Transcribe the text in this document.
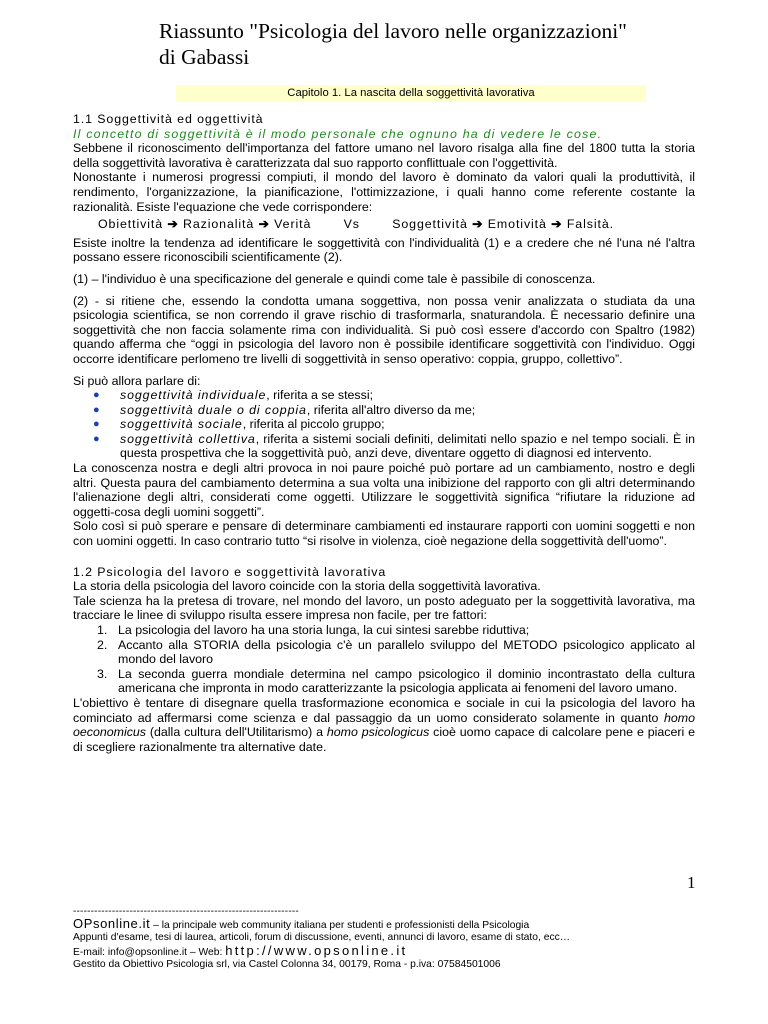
Riassunto "Psicologia del lavoro nelle organizzazioni"
di Gabassi
Capitolo 1. La nascita della soggettività lavorativa

1.1 Soggettività ed oggettività

Il concetto di soggettività è il modo personale che ognuno ha di vedere le cose.

Sebbene il riconoscimento dell'importanza del fattore umano nel lavoro risalga alla fine del 1800 tutta la storia della soggettività lavorativa è caratterizzata dal suo rapporto conflittuale con l'oggettività.

Nonostante i numerosi progressi compiuti, il mondo del lavoro è dominato da valori quali la produttività, il rendimento, l'organizzazione, la pianificazione, l'ottimizzazione, i quali hanno come referente costante la razionalità. Esiste l'equazione che vede corrispondere:

Obiettività ➔ Razionalità ➔ Verità	Vs	Soggettività ➔ Emotività ➔ Falsità.

Esiste inoltre la tendenza ad identificare le soggettività con l'individualità (1) e a credere che né l'una né l'altra possano essere riconoscibili scientificamente (2).

(1) – l'individuo è una specificazione del generale e quindi come tale è passibile di conoscenza.

(2) - si ritiene che, essendo la condotta umana soggettiva, non possa venir analizzata o studiata da una psicologia scientifica, se non correndo il grave rischio di trasformarla, snaturandola. È necessario definire una soggettività che non faccia solamente rima con individualità. Si può così essere d'accordo con Spaltro (1982) quando afferma che “oggi in psicologia del lavoro non è possibile identificare soggettività con l'individuo. Oggi occorre identificare perlomeno tre livelli di soggettività in senso operativo: coppia, gruppo, collettivo”.

Si può allora parlare di:

● soggettività individuale, riferita a se stessi;
● soggettività duale o di coppia, riferita all'altro diverso da me;
● soggettività sociale, riferita al piccolo gruppo;
● soggettività collettiva, riferita a sistemi sociali definiti, delimitati nello spazio e nel tempo sociali. È in questa prospettiva che la soggettività può, anzi deve, diventare oggetto di diagnosi ed intervento.

La conoscenza nostra e degli altri provoca in noi paure poiché può portare ad un cambiamento, nostro e degli altri. Questa paura del cambiamento determina a sua volta una inibizione del rapporto con gli altri determinando l'alienazione degli altri, considerati come oggetti. Utilizzare le soggettività significa “rifiutare la riduzione ad oggetti-cosa degli uomini soggetti”.

Solo così si può sperare e pensare di determinare cambiamenti ed instaurare rapporti con uomini soggetti e non con uomini oggetti. In caso contrario tutto “si risolve in violenza, cioè negazione della soggettività dell'uomo”.

1.2 Psicologia del lavoro e soggettività lavorativa

La storia della psicologia del lavoro coincide con la storia della soggettività lavorativa.

Tale scienza ha la pretesa di trovare, nel mondo del lavoro, un posto adeguato per la soggettività lavorativa, ma tracciare le linee di sviluppo risulta essere impresa non facile, per tre fattori:

1. La psicologia del lavoro ha una storia lunga, la cui sintesi sarebbe riduttiva;
2. Accanto alla STORIA della psicologia c'è un parallelo sviluppo del METODO psicologico applicato al mondo del lavoro
3. La seconda guerra mondiale determina nel campo psicologico il dominio incontrastato della cultura americana che impronta in modo caratterizzante la psicologia applicata ai fenomeni del lavoro umano.

L'obiettivo è tentare di disegnare quella trasformazione economica e sociale in cui la psicologia del lavoro ha cominciato ad affermarsi come scienza e dal passaggio da un uomo considerato solamente in quanto homo oeconomicus (dalla cultura dell'Utilitarismo) a homo psicologicus cioè uomo capace di calcolare pene e piaceri e di scegliere razionalmente tra alternative date.

1
----------------------------------------------------------------
OPsonline.it – la principale web community italiana per studenti e professionisti della Psicologia
Appunti d'esame, tesi di laurea, articoli, forum di discussione, eventi, annunci di lavoro, esame di stato, ecc…
E-mail: info@opsonline.it – Web: http://www.opsonline.it
Gestito da Obiettivo Psicologia srl, via Castel Colonna 34, 00179, Roma - p.iva: 07584501006
